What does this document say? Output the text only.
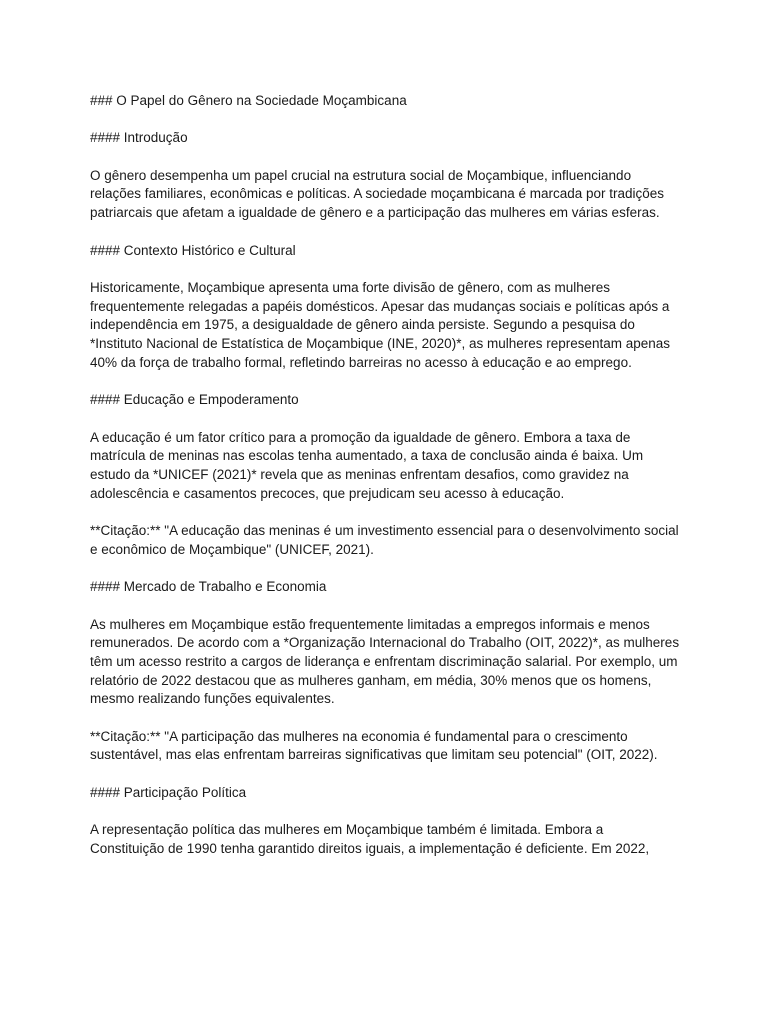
### O Papel do Gênero na Sociedade Moçambicana

#### Introdução

O gênero desempenha um papel crucial na estrutura social de Moçambique, influenciando relações familiares, econômicas e políticas. A sociedade moçambicana é marcada por tradições patriarcais que afetam a igualdade de gênero e a participação das mulheres em várias esferas.

#### Contexto Histórico e Cultural

Historicamente, Moçambique apresenta uma forte divisão de gênero, com as mulheres frequentemente relegadas a papéis domésticos. Apesar das mudanças sociais e políticas após a independência em 1975, a desigualdade de gênero ainda persiste. Segundo a pesquisa do *Instituto Nacional de Estatística de Moçambique (INE, 2020)*, as mulheres representam apenas 40% da força de trabalho formal, refletindo barreiras no acesso à educação e ao emprego.

#### Educação e Empoderamento

A educação é um fator crítico para a promoção da igualdade de gênero. Embora a taxa de matrícula de meninas nas escolas tenha aumentado, a taxa de conclusão ainda é baixa. Um estudo da *UNICEF (2021)* revela que as meninas enfrentam desafios, como gravidez na adolescência e casamentos precoces, que prejudicam seu acesso à educação.

**Citação:** "A educação das meninas é um investimento essencial para o desenvolvimento social e econômico de Moçambique" (UNICEF, 2021).

#### Mercado de Trabalho e Economia

As mulheres em Moçambique estão frequentemente limitadas a empregos informais e menos remunerados. De acordo com a *Organização Internacional do Trabalho (OIT, 2022)*, as mulheres têm um acesso restrito a cargos de liderança e enfrentam discriminação salarial. Por exemplo, um relatório de 2022 destacou que as mulheres ganham, em média, 30% menos que os homens, mesmo realizando funções equivalentes.

**Citação:** "A participação das mulheres na economia é fundamental para o crescimento sustentável, mas elas enfrentam barreiras significativas que limitam seu potencial" (OIT, 2022).

#### Participação Política

A representação política das mulheres em Moçambique também é limitada. Embora a Constituição de 1990 tenha garantido direitos iguais, a implementação é deficiente. Em 2022,
